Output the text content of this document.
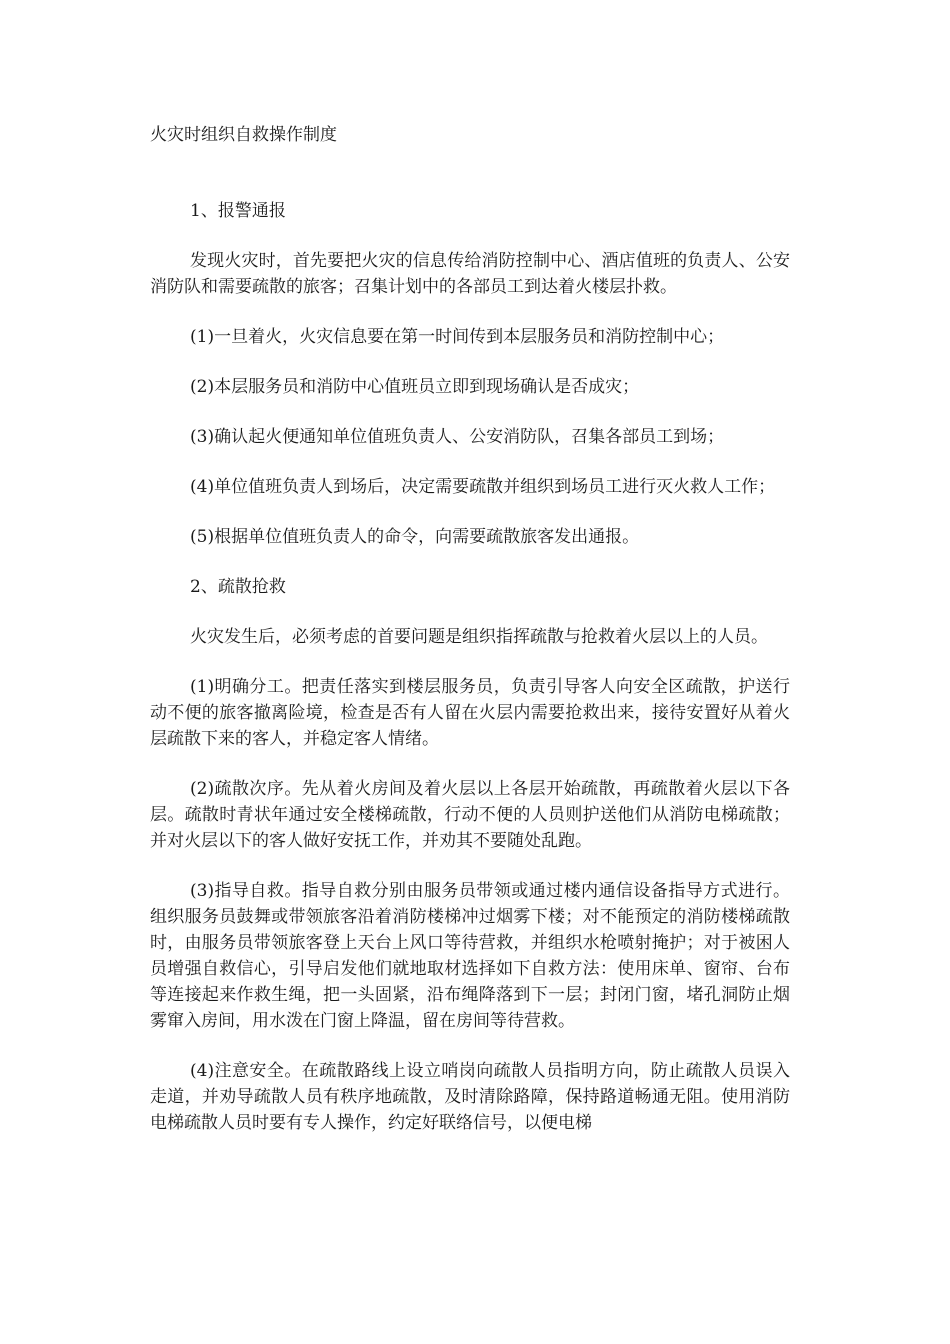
火灾时组织自救操作制度

1、报警通报

发现火灾时，首先要把火灾的信息传给消防控制中心、酒店值班的负责人、公安消防队和需要疏散的旅客；召集计划中的各部员工到达着火楼层扑救。

(1)一旦着火，火灾信息要在第一时间传到本层服务员和消防控制中心；

(2)本层服务员和消防中心值班员立即到现场确认是否成灾；

(3)确认起火便通知单位值班负责人、公安消防队，召集各部员工到场；

(4)单位值班负责人到场后，决定需要疏散并组织到场员工进行灭火救人工作；

(5)根据单位值班负责人的命令，向需要疏散旅客发出通报。

2、疏散抢救

火灾发生后，必须考虑的首要问题是组织指挥疏散与抢救着火层以上的人员。

(1)明确分工。把责任落实到楼层服务员，负责引导客人向安全区疏散，护送行动不便的旅客撤离险境，检查是否有人留在火层内需要抢救出来，接待安置好从着火层疏散下来的客人，并稳定客人情绪。

(2)疏散次序。先从着火房间及着火层以上各层开始疏散，再疏散着火层以下各层。疏散时青状年通过安全楼梯疏散，行动不便的人员则护送他们从消防电梯疏散；并对火层以下的客人做好安抚工作，并劝其不要随处乱跑。

(3)指导自救。指导自救分别由服务员带领或通过楼内通信设备指导方式进行。组织服务员鼓舞或带领旅客沿着消防楼梯冲过烟雾下楼；对不能预定的消防楼梯疏散时，由服务员带领旅客登上天台上风口等待营救，并组织水枪喷射掩护；对于被困人员增强自救信心，引导启发他们就地取材选择如下自救方法：使用床单、窗帘、台布等连接起来作救生绳，把一头固紧，沿布绳降落到下一层；封闭门窗，堵孔洞防止烟雾窜入房间，用水泼在门窗上降温，留在房间等待营救。

(4)注意安全。在疏散路线上设立哨岗向疏散人员指明方向，防止疏散人员误入走道，并劝导疏散人员有秩序地疏散，及时清除路障，保持路道畅通无阻。使用消防电梯疏散人员时要有专人操作，约定好联络信号，以便电梯
